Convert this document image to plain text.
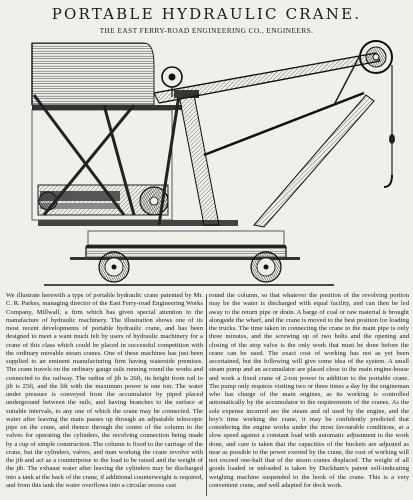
PORTABLE HYDRAULIC CRANE.
THE EAST FERRY-ROAD ENGINEERING CO., ENGINEERS.
We illustrate herewith a type of portable hydraulic crane patented by Mr. C. R. Parkes, managing director of the East Ferry-road Engineering Works Company, Millwall, a firm which has given special attention to the manufacture of hydraulic machinery. The illustration shows one of its most recent developments of portable hydraulic crane, and has been designed to meet a want much felt by users of hydraulic machinery for a crane of this class which could be placed in successful competition with the ordinary movable steam cranes. One of these machines has just been supplied to an eminent manufacturing firm having waterside premises. The crane travels on the ordinary gauge rails running round the works and connected to the railway. The radius of jib is 26ft, its height from rail to jib is 25ft, and the lift with the maximum power is one ton. The water under pressure is conveyed from the accumulator by piped placed underground between the rails, and having branches to the surface at suitable intervals, to any one of which the crane may be connected. The water after leaving the main passes up through an adjustable telescopic pipe on the crane, and thence through the centre of the column to the valves for operating the cylinders, the revolving connection being made by a cup of simple construction. The column is fixed to the carriage of the crane, but the cylinders, valves, and man working the crane revolve with the jib and act as a counterpoise to the load to be raised and the weight of the jib. The exhaust water after leaving the cylinders may be discharged into a tank at the back of the crane, if additional counterweight is required, and from this tank the water overflows into a circular recess cast
round the column, so that whatever the position of the revolving portion may be the water is discharged with equal facility, and can then be led away to the return pipe or drain. A barge of coal or raw material is brought alongside the wharf, and the crane is moved to the best position for loading the trucks. The time taken in connecting the crane to the main pipe is only three minutes, and the screwing up of two bolts and the opening and closing of the stop valve is the only work that must be done before the crane can be used. The exact cost of working has not as yet been ascertained, but the following will give some idea of the system. A small steam pump and an accumulator are placed close to the main engine-house and work a fixed crane of 2-ton power in addition to the portable crane. The pump only requires visiting two or three times a day by the engineman who has charge of the main engines, as its working is controlled automatically by the accumulator to the requirements of the cranes. As the sole expense incurred are the steam and oil used by the engine, and the boy's time working the crane, it may be confidently predicted that considering the engine works under the most favourable conditions, at a slow speed against a constant load with automatic adjustment to the work done, and care is taken that the capacities of the buckets are adjusted as near as possible to the power exerted by the crane, the cost of working will not exceed one-half that of the steam cranes displaced. The weight of all goods loaded or unloaded is taken by Duckham's patent self-indicating weighing machine suspended to the hook of the crane. This is a very convenient crane, and well adapted for dock work.
